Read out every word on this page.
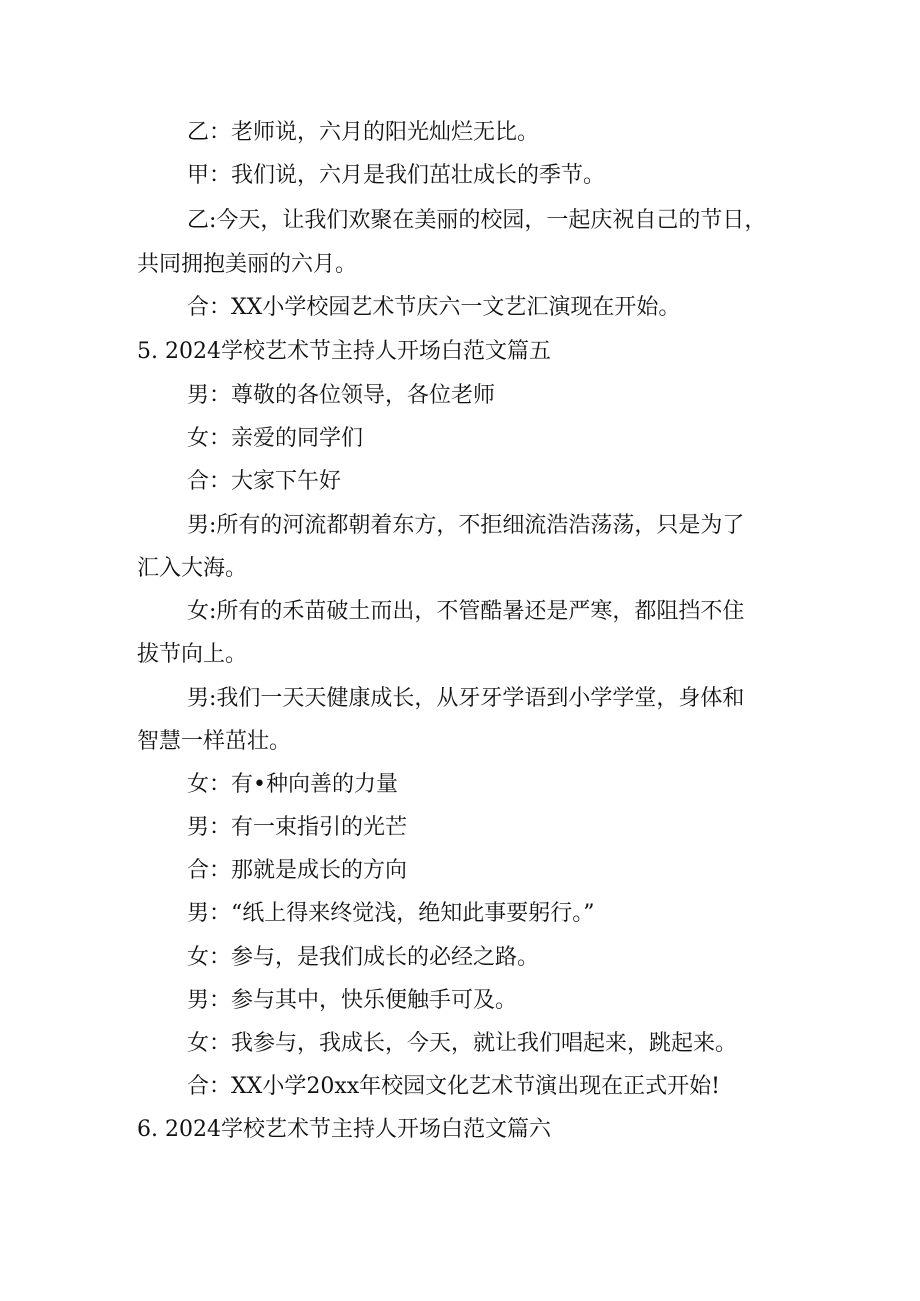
乙：老师说，六月的阳光灿烂无比。
甲：我们说，六月是我们茁壮成长的季节。
乙:今天，让我们欢聚在美丽的校园，一起庆祝自己的节日，
共同拥抱美丽的六月。
合：XX小学校园艺术节庆六一文艺汇演现在开始。
5. 2024学校艺术节主持人开场白范文篇五
男：尊敬的各位领导，各位老师
女：亲爱的同学们
合：大家下午好
男:所有的河流都朝着东方，不拒细流浩浩荡荡，只是为了
汇入大海。
女:所有的禾苗破土而出，不管酷暑还是严寒，都阻挡不住
拔节向上。
男:我们一天天健康成长，从牙牙学语到小学学堂，身体和
智慧一样茁壮。
女：有•种向善的力量
男：有一束指引的光芒
合：那就是成长的方向
男：“纸上得来终觉浅，绝知此事要躬行。”
女：参与，是我们成长的必经之路。
男：参与其中，快乐便触手可及。
女：我参与，我成长，今天，就让我们唱起来，跳起来。
合：XX小学20xx年校园文化艺术节演出现在正式开始!
6. 2024学校艺术节主持人开场白范文篇六
